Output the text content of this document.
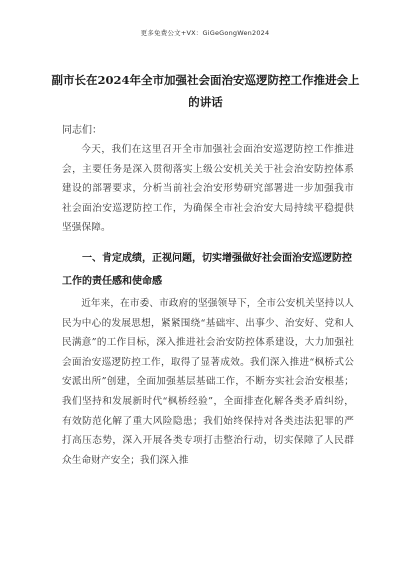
更多免费公文+VX：GiGeGongWen2024
副市长在2024年全市加强社会面治安巡逻防控工作推进会上的讲话
同志们：
今天，我们在这里召开全市加强社会面治安巡逻防控工作推进会，主要任务是深入贯彻落实上级公安机关关于社会治安防控体系建设的部署要求，分析当前社会治安形势研究部署进一步加强我市社会面治安巡逻防控工作，为确保全市社会治安大局持续平稳提供坚强保障。
一、肯定成绩，正视问题，切实增强做好社会面治安巡逻防控工作的责任感和使命感
近年来，在市委、市政府的坚强领导下，全市公安机关坚持以人民为中心的发展思想，紧紧围绕“基础牢、出事少、治安好、党和人民满意”的工作目标，深入推进社会治安防控体系建设，大力加强社会面治安巡逻防控工作，取得了显著成效。我们深入推进“枫桥式公安派出所”创建，全面加强基层基础工作，不断夯实社会治安根基；我们坚持和发展新时代“枫桥经验”，全面排查化解各类矛盾纠纷，有效防范化解了重大风险隐患；我们始终保持对各类违法犯罪的严打高压态势，深入开展各类专项打击整治行动，切实保障了人民群众生命财产安全；我们深入推
